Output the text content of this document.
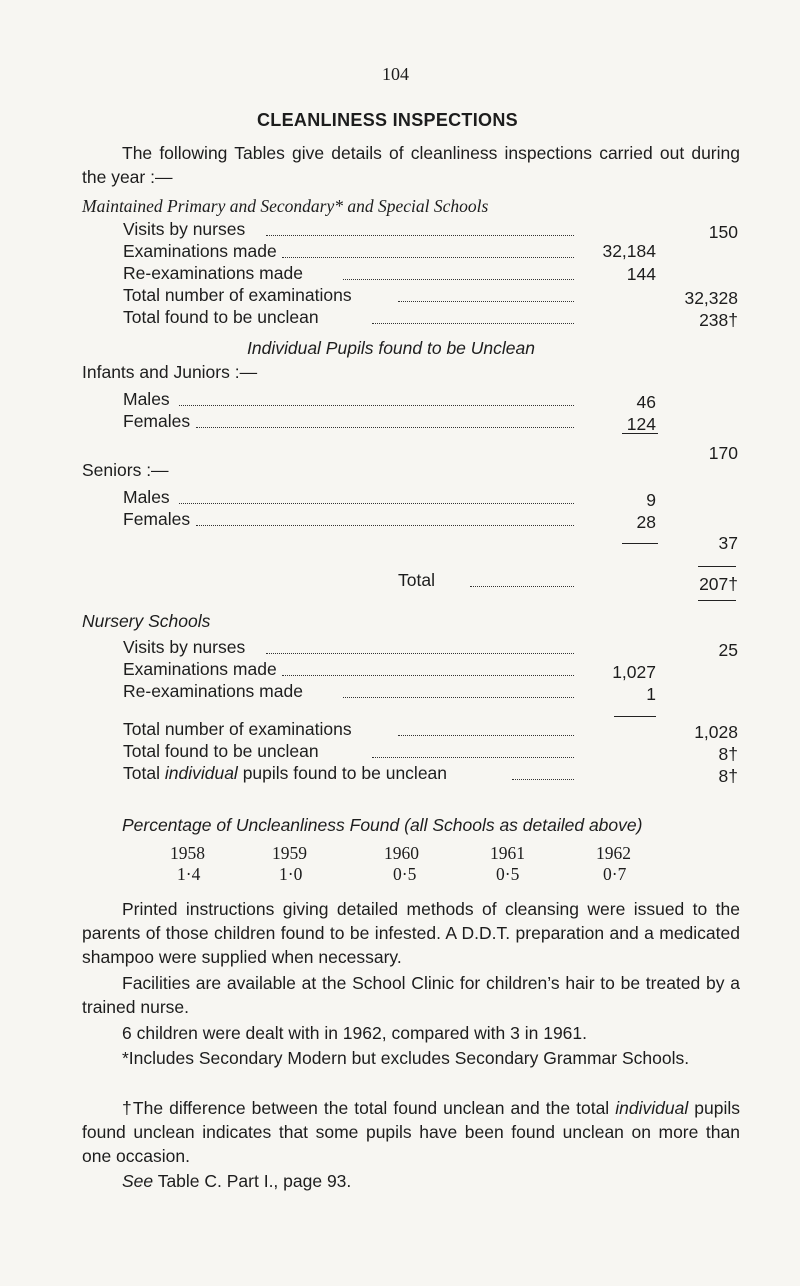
104
CLEANLINESS INSPECTIONS

The following Tables give details of cleanliness inspections carried out during the year :—

Maintained Primary and Secondary* and Special Schools
Visits by nurses	150
Examinations made	32,184
Re-examinations made	144
Total number of examinations	32,328
Total found to be unclean	238†
Individual Pupils found to be Unclean
Infants and Juniors :—
Males	46
Females	124
170
Seniors :—
Males	9
Females	28
37
Total	207†
Nursery Schools
Visits by nurses	25
Examinations made	1,027
Re-examinations made	1
Total number of examinations	1,028
Total found to be unclean	8†
Total individual pupils found to be unclean	8†
Percentage of Uncleanliness Found (all Schools as detailed above)
1958	1959	1960	1961	1962
1·4	1·0	0·5	0·5	0·7

Printed instructions giving detailed methods of cleansing were issued to the parents of those children found to be infested. A D.D.T. preparation and a medicated shampoo were supplied when necessary.

Facilities are available at the School Clinic for children’s hair to be treated by a trained nurse.

6 children were dealt with in 1962, compared with 3 in 1961.

*Includes Secondary Modern but excludes Secondary Grammar Schools.

†The difference between the total found unclean and the total individual pupils found unclean indicates that some pupils have been found unclean on more than one occasion.

See Table C. Part I., page 93.
